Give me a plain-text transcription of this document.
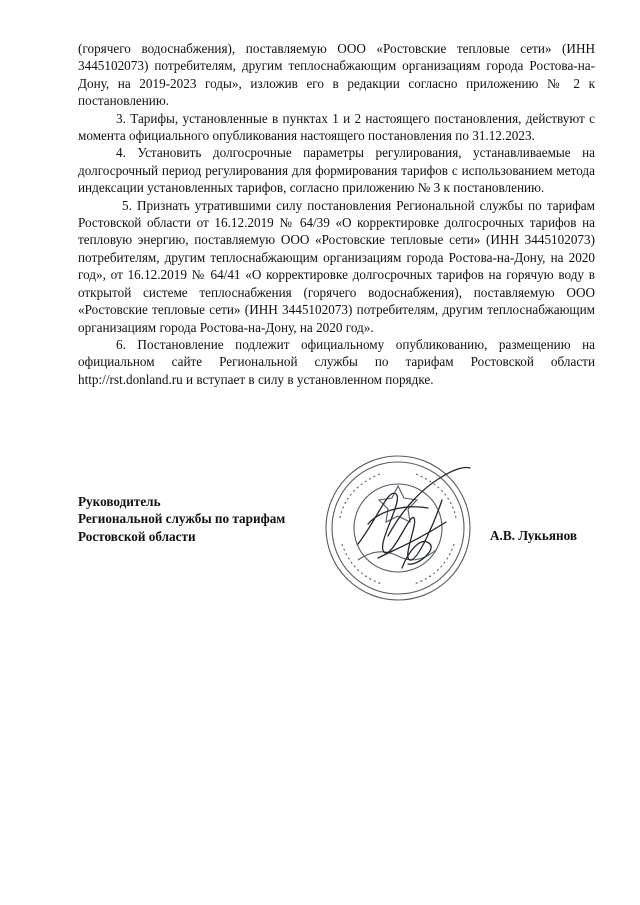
(горячего водоснабжения), поставляемую ООО «Ростовские тепловые сети» (ИНН 3445102073) потребителям, другим теплоснабжающим организациям города Ростова-на-Дону, на 2019-2023 годы», изложив его в редакции согласно приложению № 2 к постановлению.

3. Тарифы, установленные в пунктах 1 и 2 настоящего постановления, действуют с момента официального опубликования настоящего постановления по 31.12.2023.

4. Установить долгосрочные параметры регулирования, устанавливаемые на долгосрочный период регулирования для формирования тарифов с использованием метода индексации установленных тарифов, согласно приложению № 3 к постановлению.

5. Признать утратившими силу постановления Региональной службы по тарифам Ростовской области от 16.12.2019 № 64/39 «О корректировке долгосрочных тарифов на тепловую энергию, поставляемую ООО «Ростовские тепловые сети» (ИНН 3445102073) потребителям, другим теплоснабжающим организациям города Ростова-на-Дону, на 2020 год», от 16.12.2019 № 64/41 «О корректировке долгосрочных тарифов на горячую воду в открытой системе теплоснабжения (горячего водоснабжения), поставляемую ООО «Ростовские тепловые сети» (ИНН 3445102073) потребителям, другим теплоснабжающим организациям города Ростова-на-Дону, на 2020 год».

6. Постановление подлежит официальному опубликованию, размещению на официальном сайте Региональной службы по тарифам Ростовской области http://rst.donland.ru и вступает в силу в установленном порядке.

Руководитель
Региональной службы по тарифам
Ростовской области	А.В. Лукьянов
